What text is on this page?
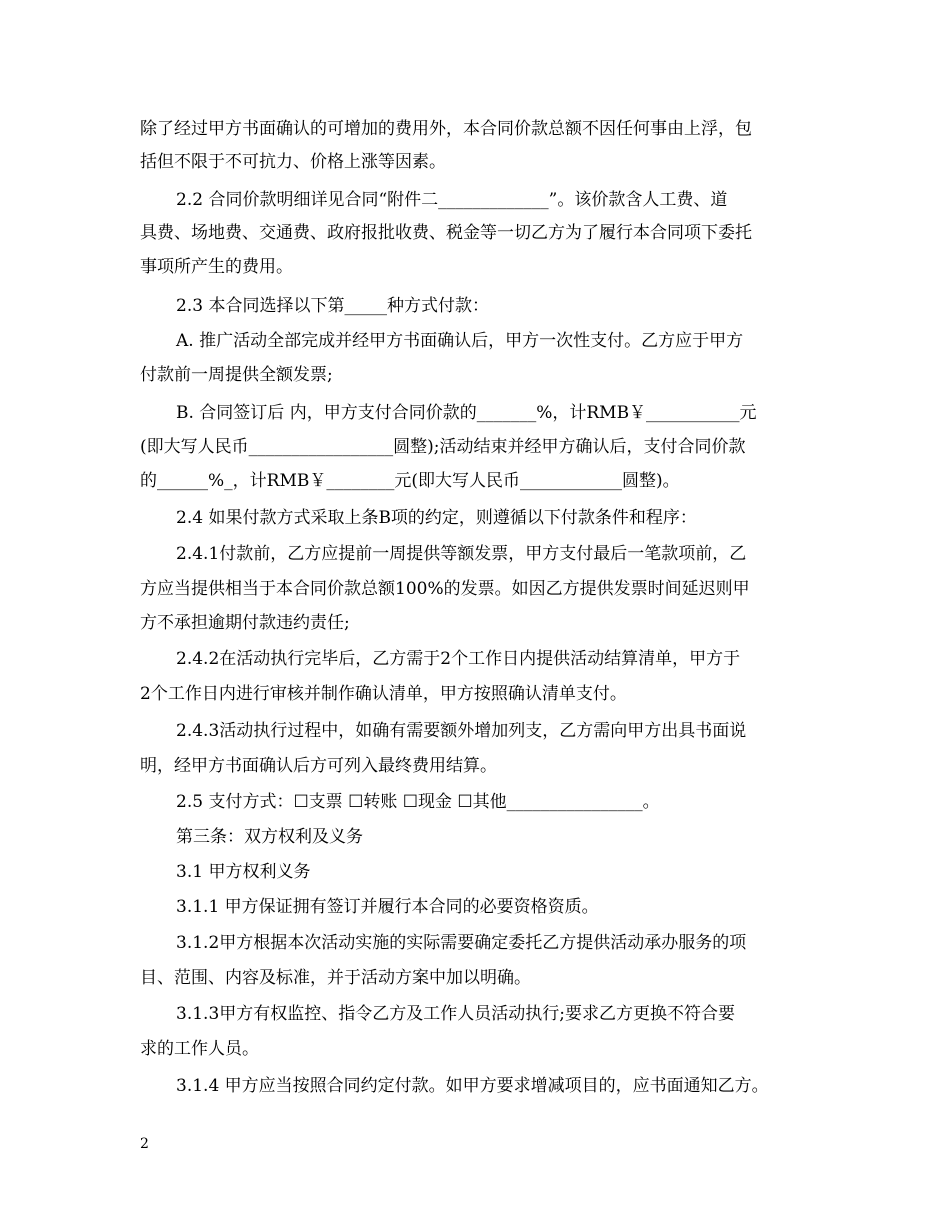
除了经过甲方书面确认的可增加的费用外，本合同价款总额不因任何事由上浮，包
括但不限于不可抗力、价格上涨等因素。
2.2 合同价款明细详见合同“附件二_____________”。该价款含人工费、道
具费、场地费、交通费、政府报批收费、税金等一切乙方为了履行本合同项下委托
事项所产生的费用。
2.3 本合同选择以下第_____种方式付款：
A. 推广活动全部完成并经甲方书面确认后，甲方一次性支付。乙方应于甲方
付款前一周提供全额发票;
B. 合同签订后 内，甲方支付合同价款的_______%，计RMB￥___________元
(即大写人民币_________________圆整);活动结束并经甲方确认后，支付合同价款
的______%_，计RMB￥________元(即大写人民币____________圆整)。
2.4 如果付款方式采取上条B项的约定，则遵循以下付款条件和程序：
2.4.1付款前，乙方应提前一周提供等额发票，甲方支付最后一笔款项前，乙
方应当提供相当于本合同价款总额100%的发票。如因乙方提供发票时间延迟则甲
方不承担逾期付款违约责任;
2.4.2在活动执行完毕后，乙方需于2个工作日内提供活动结算清单，甲方于
2个工作日内进行审核并制作确认清单，甲方按照确认清单支付。
2.4.3活动执行过程中，如确有需要额外增加列支，乙方需向甲方出具书面说
明，经甲方书面确认后方可列入最终费用结算。
2.5 支付方式：☐支票 ☐转账 ☐现金 ☐其他________________。
第三条：双方权利及义务
3.1 甲方权利义务
3.1.1 甲方保证拥有签订并履行本合同的必要资格资质。
3.1.2甲方根据本次活动实施的实际需要确定委托乙方提供活动承办服务的项
目、范围、内容及标准，并于活动方案中加以明确。
3.1.3甲方有权监控、指令乙方及工作人员活动执行;要求乙方更换不符合要
求的工作人员。
3.1.4 甲方应当按照合同约定付款。如甲方要求增减项目的，应书面通知乙方。
2
